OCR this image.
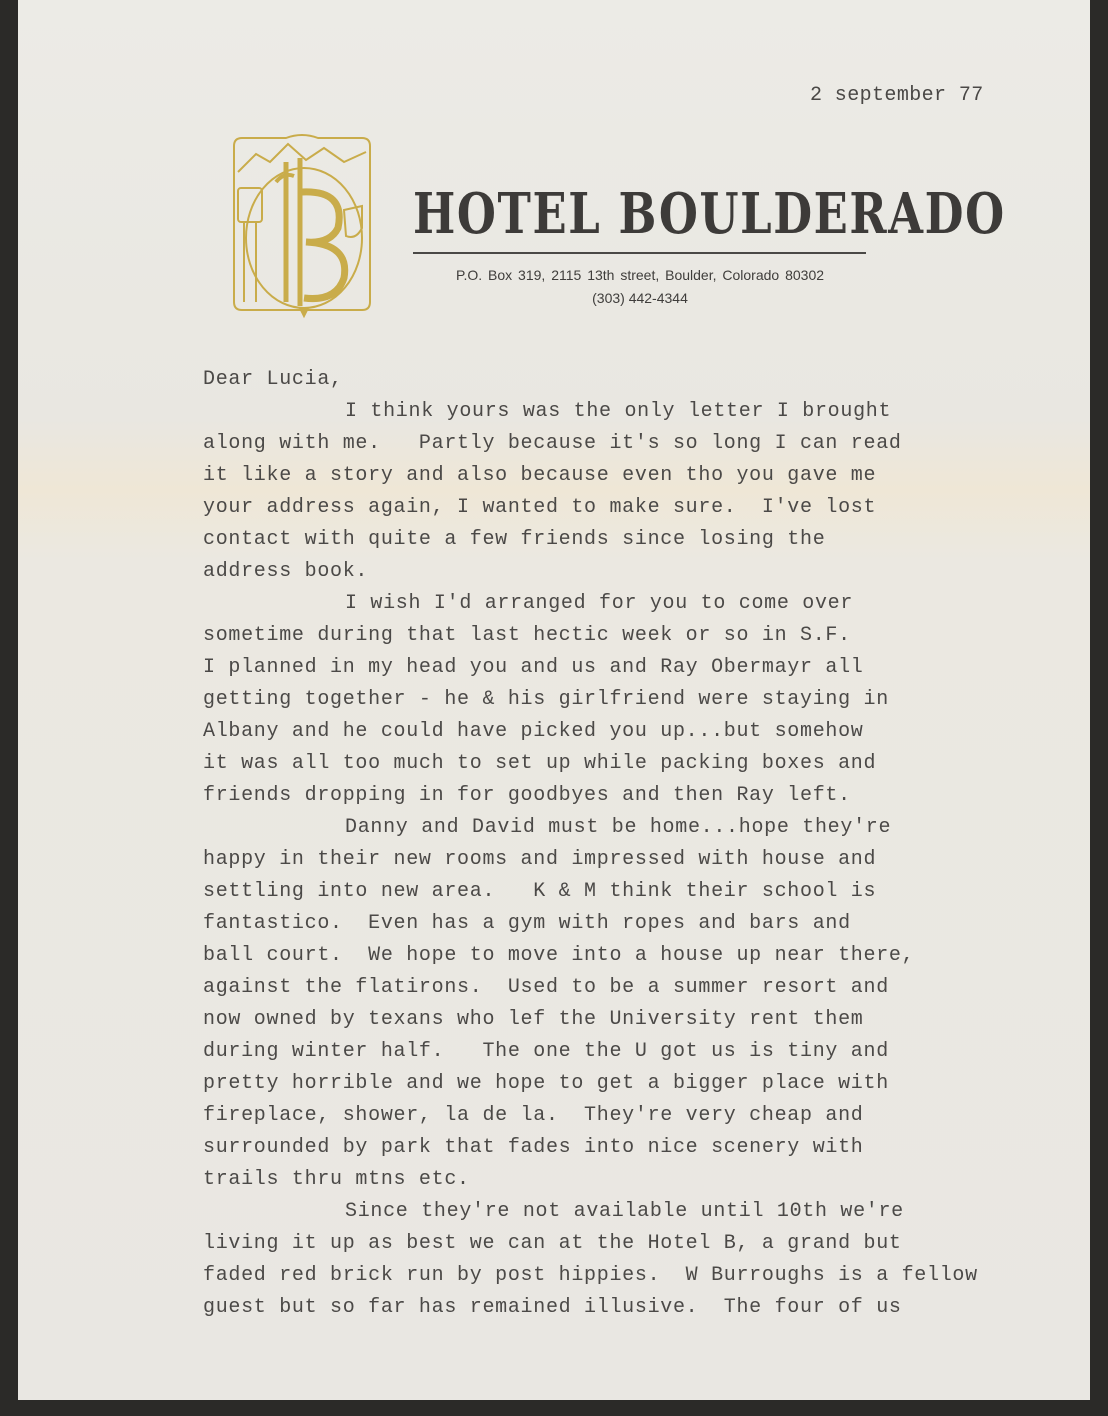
2 september 77
HOTEL BOULDERADO
P.O. Box 319, 2115 13th street, Boulder, Colorado 80302
(303) 442-4344
Dear Lucia,
I think yours was the only letter I brought
along with me.   Partly because it's so long I can read
it like a story and also because even tho you gave me
your address again, I wanted to make sure.  I've lost
contact with quite a few friends since losing the
address book.
I wish I'd arranged for you to come over
sometime during that last hectic week or so in S.F.
I planned in my head you and us and Ray Obermayr all
getting together - he & his girlfriend were staying in
Albany and he could have picked you up...but somehow
it was all too much to set up while packing boxes and
friends dropping in for goodbyes and then Ray left.
Danny and David must be home...hope they're
happy in their new rooms and impressed with house and
settling into new area.   K & M think their school is
fantastico.  Even has a gym with ropes and bars and
ball court.  We hope to move into a house up near there,
against the flatirons.  Used to be a summer resort and
now owned by texans who lef the University rent them
during winter half.   The one the U got us is tiny and
pretty horrible and we hope to get a bigger place with
fireplace, shower, la de la.  They're very cheap and
surrounded by park that fades into nice scenery with
trails thru mtns etc.
Since they're not available until 10th we're
living it up as best we can at the Hotel B, a grand but
faded red brick run by post hippies.  W Burroughs is a fellow
guest but so far has remained illusive.  The four of us
